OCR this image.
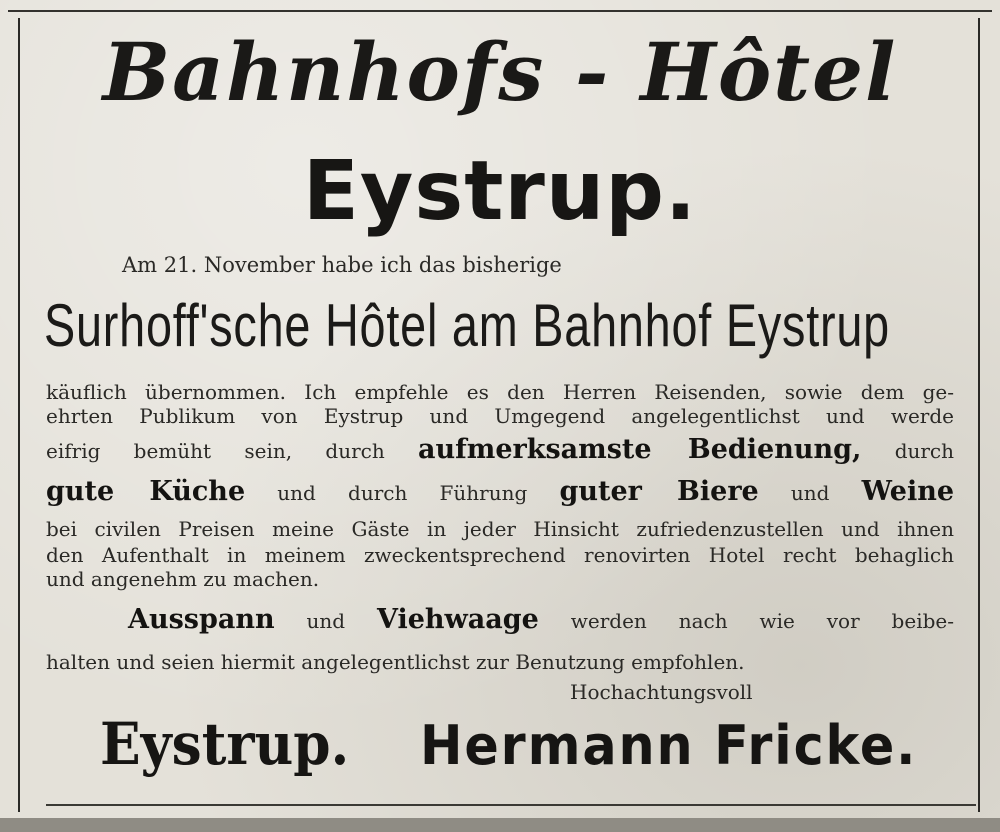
Bahnhofs - Hôtel
Eystrup.
Am 21. November habe ich das bisherige
Surhoff'sche Hôtel am Bahnhof Eystrup
käuflich übernommen. Ich empfehle es den Herren Reisenden, sowie dem ge-
ehrten Publikum von Eystrup und Umgegend angelegentlichst und werde
eifrig bemüht sein, durch aufmerksamste Bedienung, durch
gute Küche und durch Führung guter Biere und Weine
bei civilen Preisen meine Gäste in jeder Hinsicht zufriedenzustellen und ihnen
den Aufenthalt in meinem zweckentsprechend renovirten Hotel recht behaglich
und angenehm zu machen.
Ausspann und Viehwaage werden nach wie vor beibe-
halten und seien hiermit angelegentlichst zur Benutzung empfohlen.
Hochachtungsvoll
Eystrup. Hermann Fricke.
